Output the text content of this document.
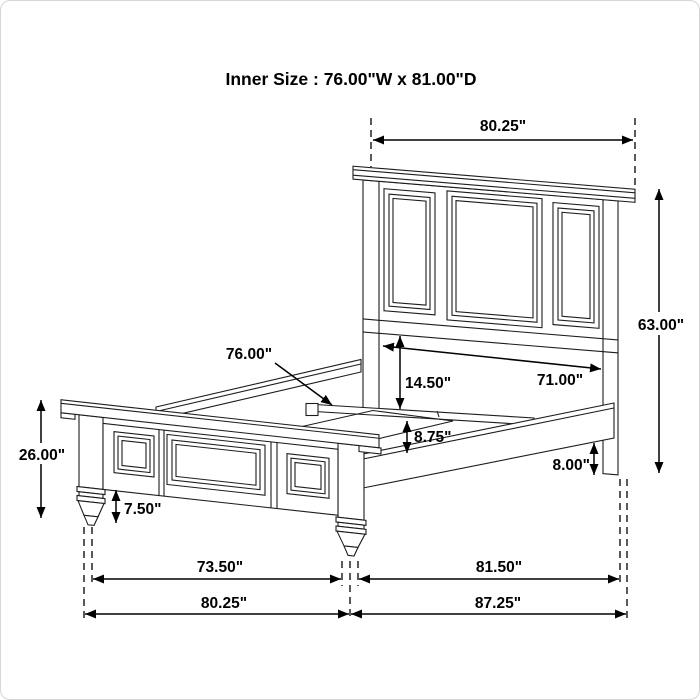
Inner Size : 76.00"W x 81.00"D
80.25"
63.00"
76.00"
14.50"	71.00"
8.75"
8.00"
26.00"
7.50"
73.50"
80.25"
81.50"
87.25"
